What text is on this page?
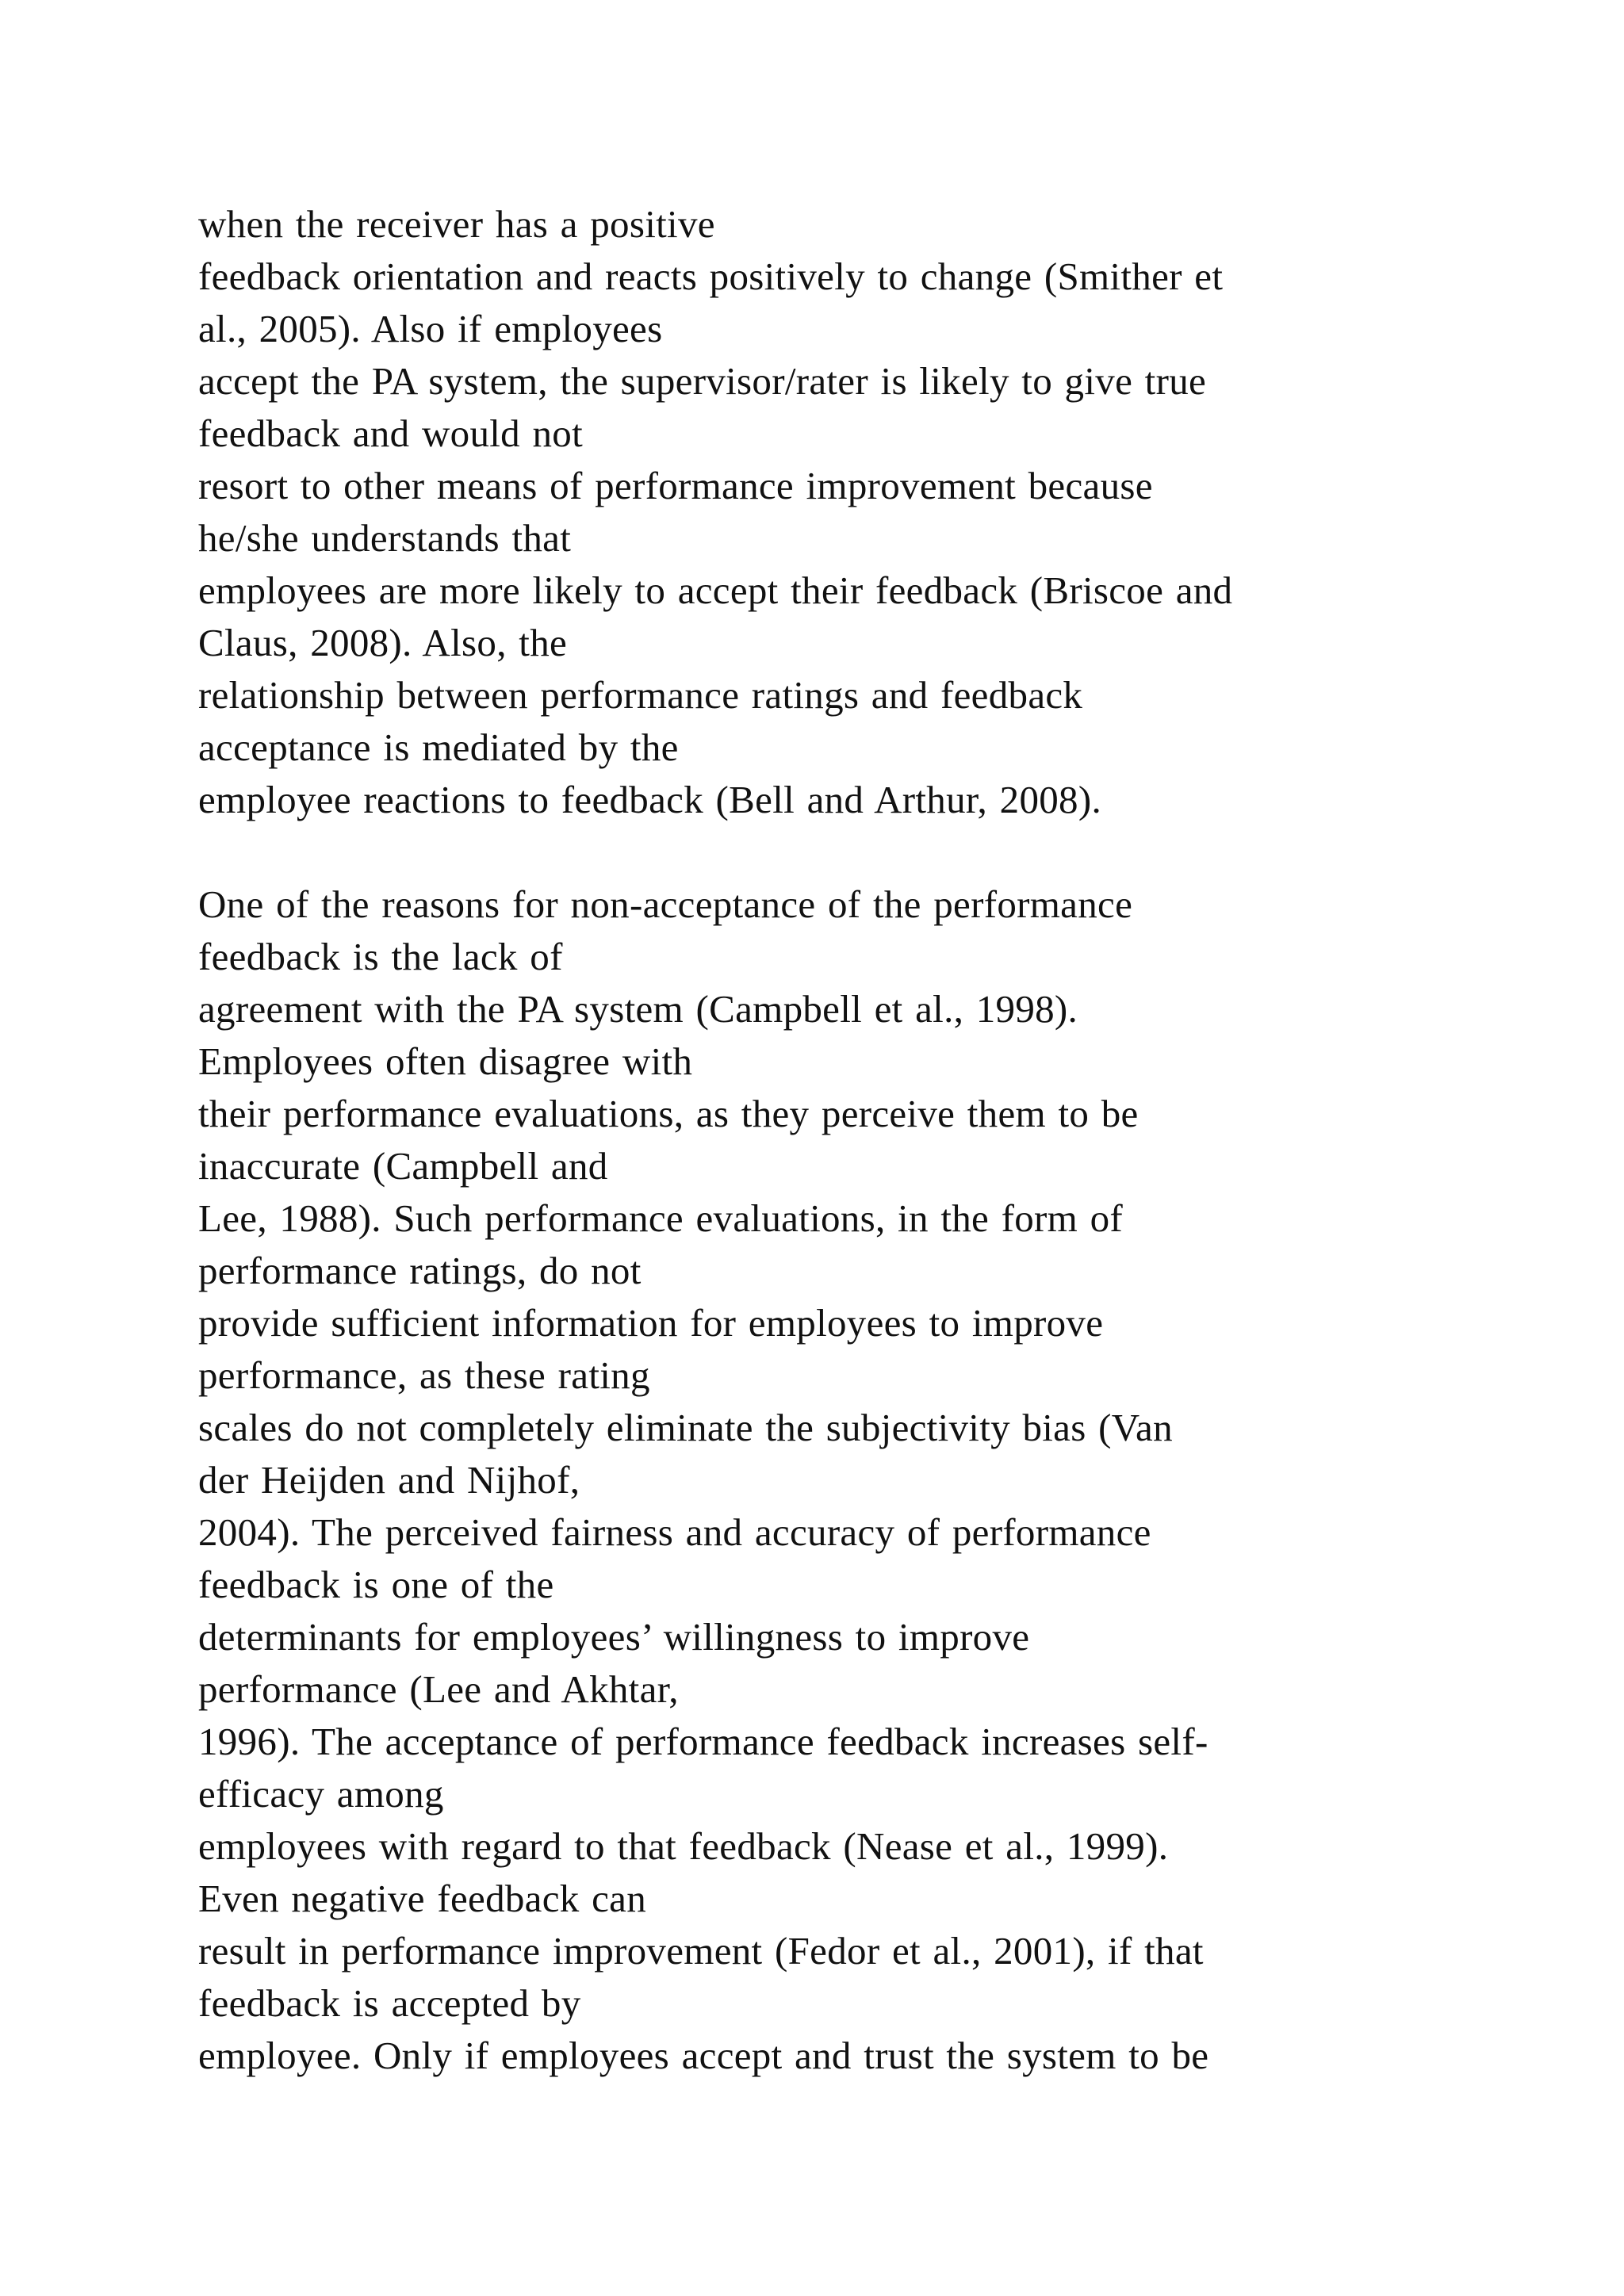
when the receiver has a positive
feedback orientation and reacts positively to change (Smither et
al., 2005). Also if employees
accept the PA system, the supervisor/rater is likely to give true
feedback and would not
resort to other means of performance improvement because
he/she understands that
employees are more likely to accept their feedback (Briscoe and
Claus, 2008). Also, the
relationship between performance ratings and feedback
acceptance is mediated by the
employee reactions to feedback (Bell and Arthur, 2008).
One of the reasons for non-acceptance of the performance
feedback is the lack of
agreement with the PA system (Campbell et al., 1998).
Employees often disagree with
their performance evaluations, as they perceive them to be
inaccurate (Campbell and
Lee, 1988). Such performance evaluations, in the form of
performance ratings, do not
provide sufficient information for employees to improve
performance, as these rating
scales do not completely eliminate the subjectivity bias (Van
der Heijden and Nijhof,
2004). The perceived fairness and accuracy of performance
feedback is one of the
determinants for employees’ willingness to improve
performance (Lee and Akhtar,
1996). The acceptance of performance feedback increases self-
efficacy among
employees with regard to that feedback (Nease et al., 1999).
Even negative feedback can
result in performance improvement (Fedor et al., 2001), if that
feedback is accepted by
employee. Only if employees accept and trust the system to be
